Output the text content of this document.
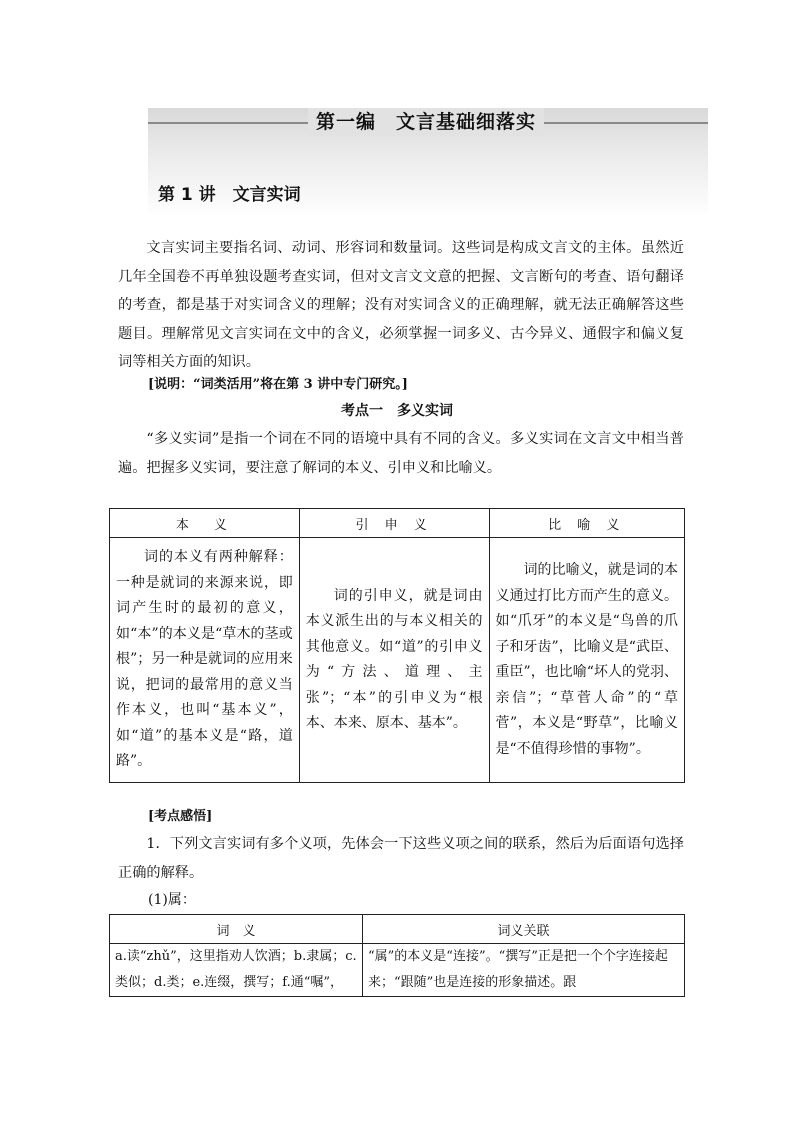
第一编　文言基础细落实
第 1 讲　文言实词
文言实词主要指名词、动词、形容词和数量词。这些词是构成文言文的主体。虽然近几年全国卷不再单独设题考查实词，但对文言文文意的把握、文言断句的考查、语句翻译的考查，都是基于对实词含义的理解；没有对实词含义的正确理解，就无法正确解答这些题目。理解常见文言实词在文中的含义，必须掌握一词多义、古今异义、通假字和偏义复词等相关方面的知识。
[说明：“词类活用”将在第 3 讲中专门研究。]
考点一　多义实词
“多义实词”是指一个词在不同的语境中具有不同的含义。多义实词在文言文中相当普遍。把握多义实词，要注意了解词的本义、引申义和比喻义。
本　义	引 申 义	比 喻 义

词的本义有两种解释：一种是就词的来源来说，即词产生时的最初的意义，如“本”的本义是“草木的茎或根”；另一种是就词的应用来说，把词的最常用的意义当作本义，也叫“基本义”，如“道”的基本义是“路，道路”。	词的引申义，就是词由本义派生出的与本义相关的其他意义。如“道”的引申义为“方法、道理、主张”；“本”的引申义为“根本、本来、原本、基本”。	词的比喻义，就是词的本义通过打比方而产生的意义。如“爪牙”的本义是“鸟兽的爪子和牙齿”，比喻义是“武臣、重臣”，也比喻“坏人的党羽、亲信”；“草菅人命”的“草菅”，本义是“野草”，比喻义是“不值得珍惜的事物”。

[考点感悟]
1．下列文言实词有多个义项，先体会一下这些义项之间的联系，然后为后面语句选择正确的解释。
(1)属：
词　义	词义关联
a.读“zhǔ”，这里指劝人饮酒；b.隶属；c.类似；d.类；e.连缀，撰写；f.通“嘱”，	“属”的本义是“连接”。“撰写”正是把一个个字连接起来；“跟随”也是连接的形象描述。跟
